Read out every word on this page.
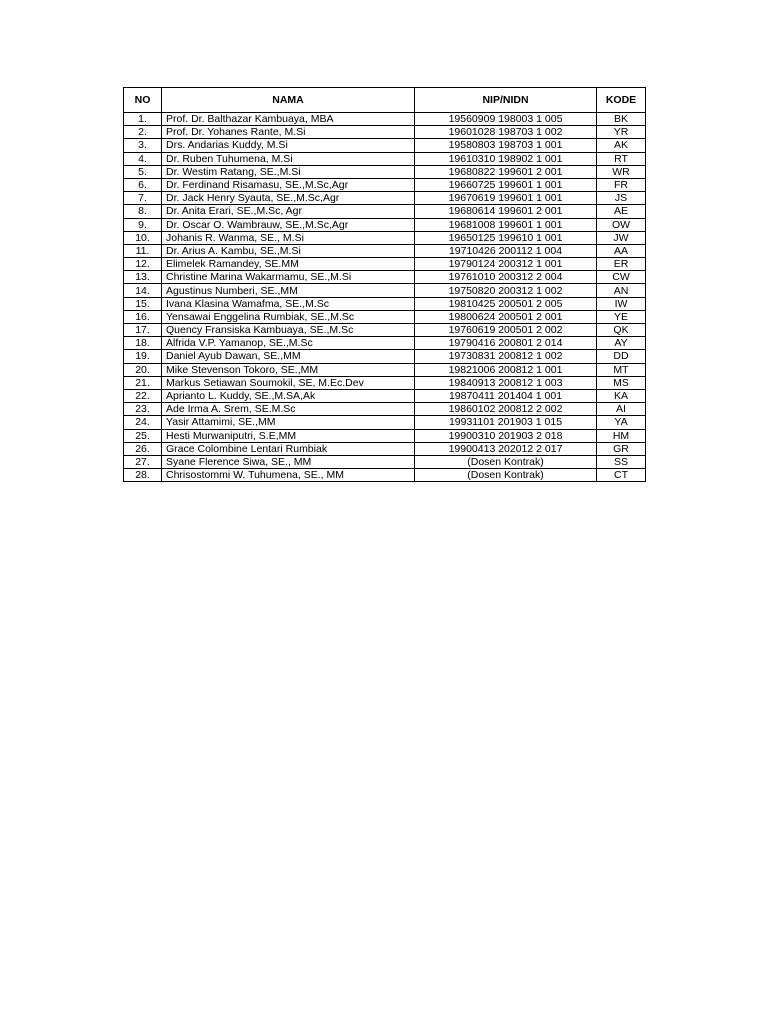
NO	NAMA	NIP/NIDN	KODE
1.	Prof. Dr. Balthazar Kambuaya, MBA	19560909 198003 1 005	BK
2.	Prof. Dr. Yohanes Rante, M.Si	19601028 198703 1 002	YR
3.	Drs. Andarias Kuddy, M.Si	19580803 198703 1 001	AK
4.	Dr. Ruben Tuhumena, M.Si	19610310 198902 1 001	RT
5.	Dr. Westim Ratang, SE.,M.Si	19680822 199601 2 001	WR
6.	Dr. Ferdinand Risamasu, SE.,M.Sc,Agr	19660725 199601 1 001	FR
7.	Dr. Jack Henry Syauta, SE.,M.Sc,Agr	19670619 199601 1 001	JS
8.	Dr. Anita Erari, SE.,M.Sc, Agr	19680614 199601 2 001	AE
9.	Dr. Oscar O. Wambrauw, SE.,M.Sc,Agr	19681008 199601 1 001	OW
10.	Johanis R. Wanma, SE., M.Si	19650125 199610 1 001	JW
11.	Dr. Arius A. Kambu, SE.,M.Si	19710426 200112 1 004	AA
12.	Elimelek Ramandey, SE.MM	19790124 200312 1 001	ER
13.	Christine Marina Wakarmamu, SE.,M.Si	19761010 200312 2 004	CW
14.	Agustinus Numberi, SE.,MM	19750820 200312 1 002	AN
15.	Ivana Klasina Wamafma, SE.,M.Sc	19810425 200501 2 005	IW
16.	Yensawai Enggelina Rumbiak, SE.,M.Sc	19800624 200501 2 001	YE
17.	Quency Fransiska Kambuaya, SE.,M.Sc	19760619 200501 2 002	QK
18.	Alfrida V.P. Yamanop, SE.,M.Sc	19790416 200801 2 014	AY
19.	Daniel Ayub Dawan, SE.,MM	19730831 200812 1 002	DD
20.	Mike Stevenson Tokoro, SE.,MM	19821006 200812 1 001	MT
21.	Markus Setiawan Soumokil, SE, M.Ec.Dev	19840913 200812 1 003	MS
22.	Aprianto L. Kuddy, SE.,M.SA,Ak	19870411 201404 1 001	KA
23.	Ade Irma A. Srem, SE.M.Sc	19860102 200812 2 002	AI
24.	Yasir Attamimi, SE.,MM	19931101 201903 1 015	YA
25.	Hesti Murwaniputri, S.E,MM	19900310 201903 2 018	HM
26.	Grace Colombine Lentari Rumbiak	19900413 202012 2 017	GR
27.	Syane Flerence Siwa, SE., MM	(Dosen Kontrak)	SS
28.	Chrisostommi W. Tuhumena, SE., MM	(Dosen Kontrak)	CT
